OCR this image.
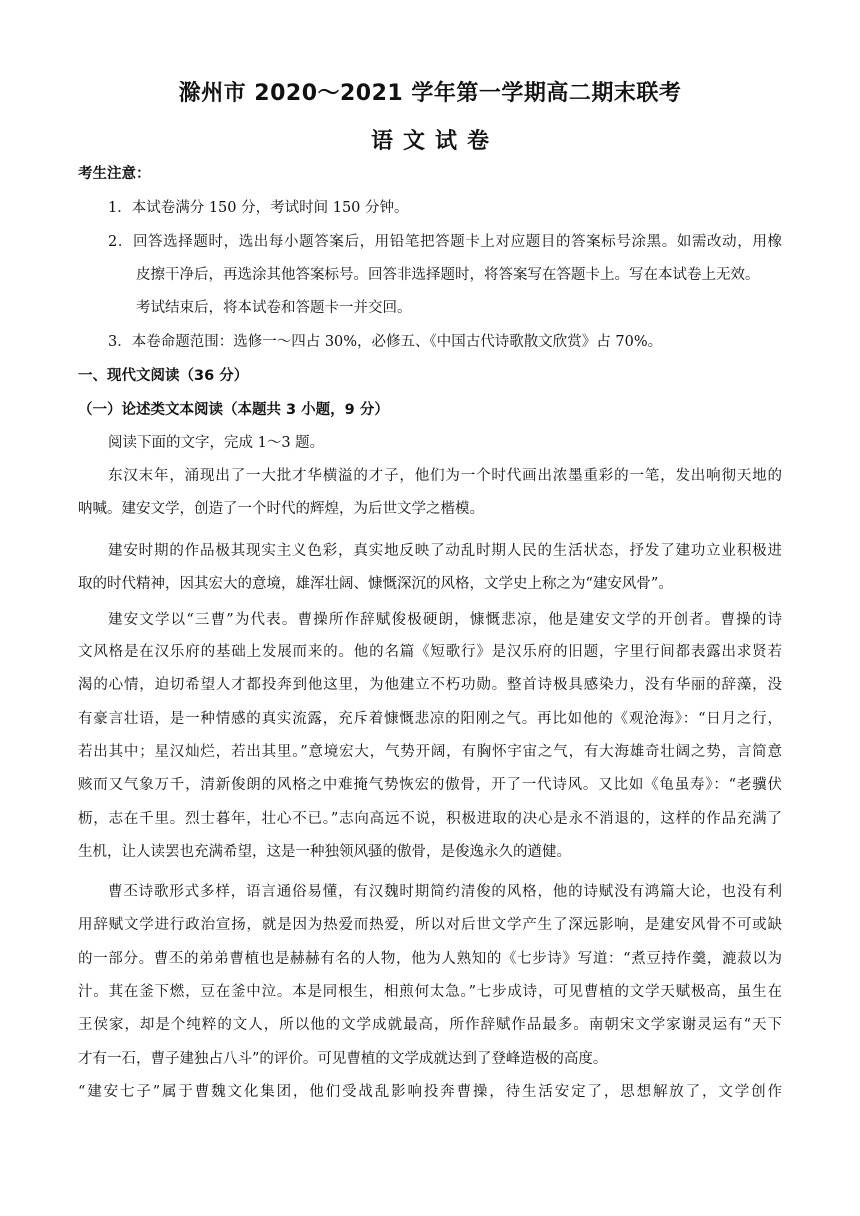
滁州市 2020～2021 学年第一学期高二期末联考
语文试卷
考生注意：
1．本试卷满分 150 分，考试时间 150 分钟。
2．回答选择题时，选出每小题答案后，用铅笔把答题卡上对应题目的答案标号涂黑。如需改动，用橡
皮擦干净后，再选涂其他答案标号。回答非选择题时，将答案写在答题卡上。写在本试卷上无效。
考试结束后，将本试卷和答题卡一并交回。
3．本卷命题范围：选修一～四占 30%，必修五、《中国古代诗歌散文欣赏》占 70%。
一、现代文阅读（36 分）
（一）论述类文本阅读（本题共 3 小题，9 分）
阅读下面的文字，完成 1～3 题。
东汉末年，涌现出了一大批才华横溢的才子，他们为一个时代画出浓墨重彩的一笔，发出响彻天地的
呐喊。建安文学，创造了一个时代的辉煌，为后世文学之楷模。
建安时期的作品极其现实主义色彩，真实地反映了动乱时期人民的生活状态，抒发了建功立业积极进
取的时代精神，因其宏大的意境，雄浑壮阔、慷慨深沉的风格，文学史上称之为“建安风骨”。
建安文学以“三曹”为代表。曹操所作辞赋俊极硬朗，慷慨悲凉，他是建安文学的开创者。曹操的诗
文风格是在汉乐府的基础上发展而来的。他的名篇《短歌行》是汉乐府的旧题，字里行间都表露出求贤若
渴的心情，迫切希望人才都投奔到他这里，为他建立不朽功勋。整首诗极具感染力，没有华丽的辞藻，没
有豪言壮语，是一种情感的真实流露，充斥着慷慨悲凉的阳刚之气。再比如他的《观沧海》：“日月之行，
若出其中；星汉灿烂，若出其里。”意境宏大，气势开阔，有胸怀宇宙之气，有大海雄奇壮阔之势，言简意
赅而又气象万千，清新俊朗的风格之中难掩气势恢宏的傲骨，开了一代诗风。又比如《龟虽寿》：“老骥伏
枥，志在千里。烈士暮年，壮心不已。”志向高远不说，积极进取的决心是永不消退的，这样的作品充满了
生机，让人读罢也充满希望，这是一种独领风骚的傲骨，是俊逸永久的遒健。
曹丕诗歌形式多样，语言通俗易懂，有汉魏时期简约清俊的风格，他的诗赋没有鸿篇大论，也没有利
用辞赋文学进行政治宣扬，就是因为热爱而热爱，所以对后世文学产生了深远影响，是建安风骨不可或缺
的一部分。曹丕的弟弟曹植也是赫赫有名的人物，他为人熟知的《七步诗》写道：“煮豆持作羹，漉菽以为
汁。萁在釜下燃，豆在釜中泣。本是同根生，相煎何太急。”七步成诗，可见曹植的文学天赋极高，虽生在
王侯家，却是个纯粹的文人，所以他的文学成就最高，所作辞赋作品最多。南朝宋文学家谢灵运有“天下
才有一石，曹子建独占八斗”的评价。可见曹植的文学成就达到了登峰造极的高度。
“建安七子”属于曹魏文化集团，他们受战乱影响投奔曹操，待生活安定了，思想解放了，文学创作
